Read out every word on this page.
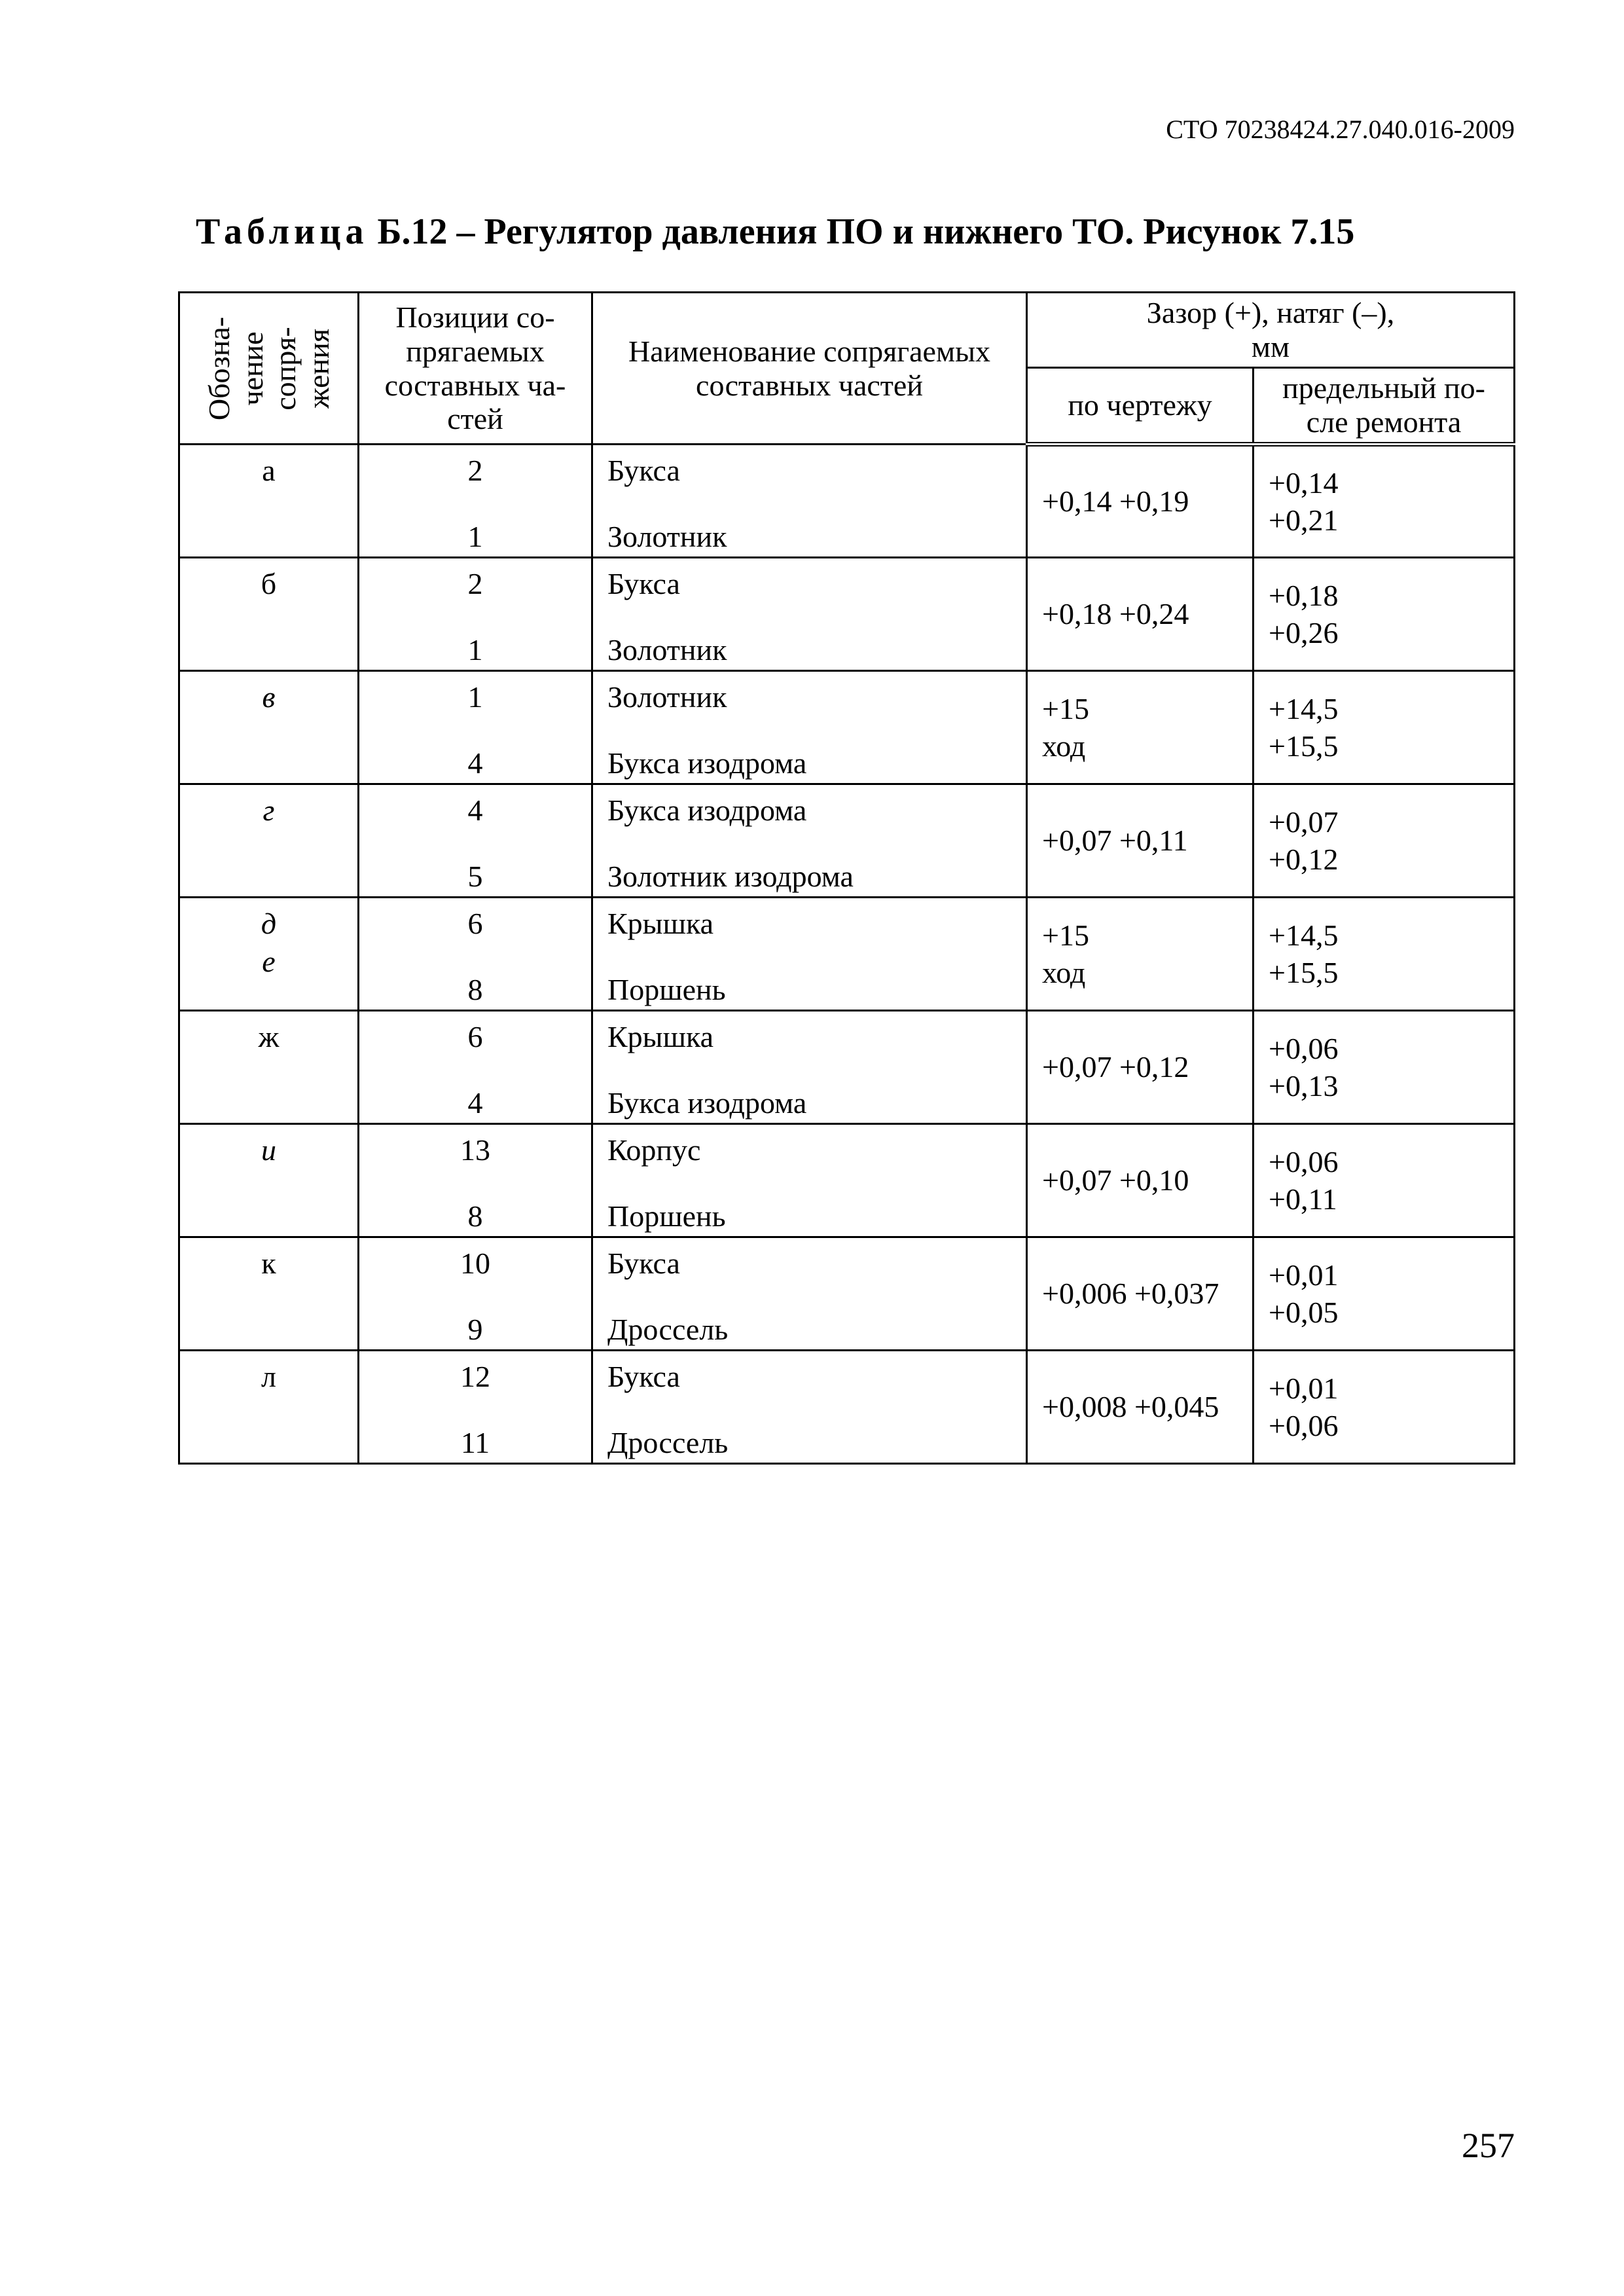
СТО 70238424.27.040.016-2009
Таблица Б.12 – Регулятор давления ПО и нижнего ТО. Рисунок 7.15
Обозна-
чение
сопря-
жения	Позиции со-
прягаемых
составных ча-
стей	Наименование сопрягаемых
составных частей	Зазор (+), натяг (–),
мм	
			по чертежу	предельный по-
сле ремонта
а	2
1	Букса
Золотник	+0,14 +0,19	+0,14
+0,21

б	2
1	Букса
Золотник	+0,18 +0,24	+0,18
+0,26

в	1
4	Золотник
Букса изодрома	+15
ход	+14,5
+15,5

г	4
5	Букса изодрома
Золотник изодрома	+0,07 +0,11	+0,07
+0,12

д
е	6
8	Крышка
Поршень	+15
ход	+14,5
+15,5

ж	6
4	Крышка
Букса изодрома	+0,07 +0,12	+0,06
+0,13

и	13
8	Корпус
Поршень	+0,07 +0,10	+0,06
+0,11

к	10
9	Букса
Дроссель	+0,006 +0,037	+0,01
+0,05

л	12
11	Букса
Дроссель	+0,008 +0,045	+0,01
+0,06
257
